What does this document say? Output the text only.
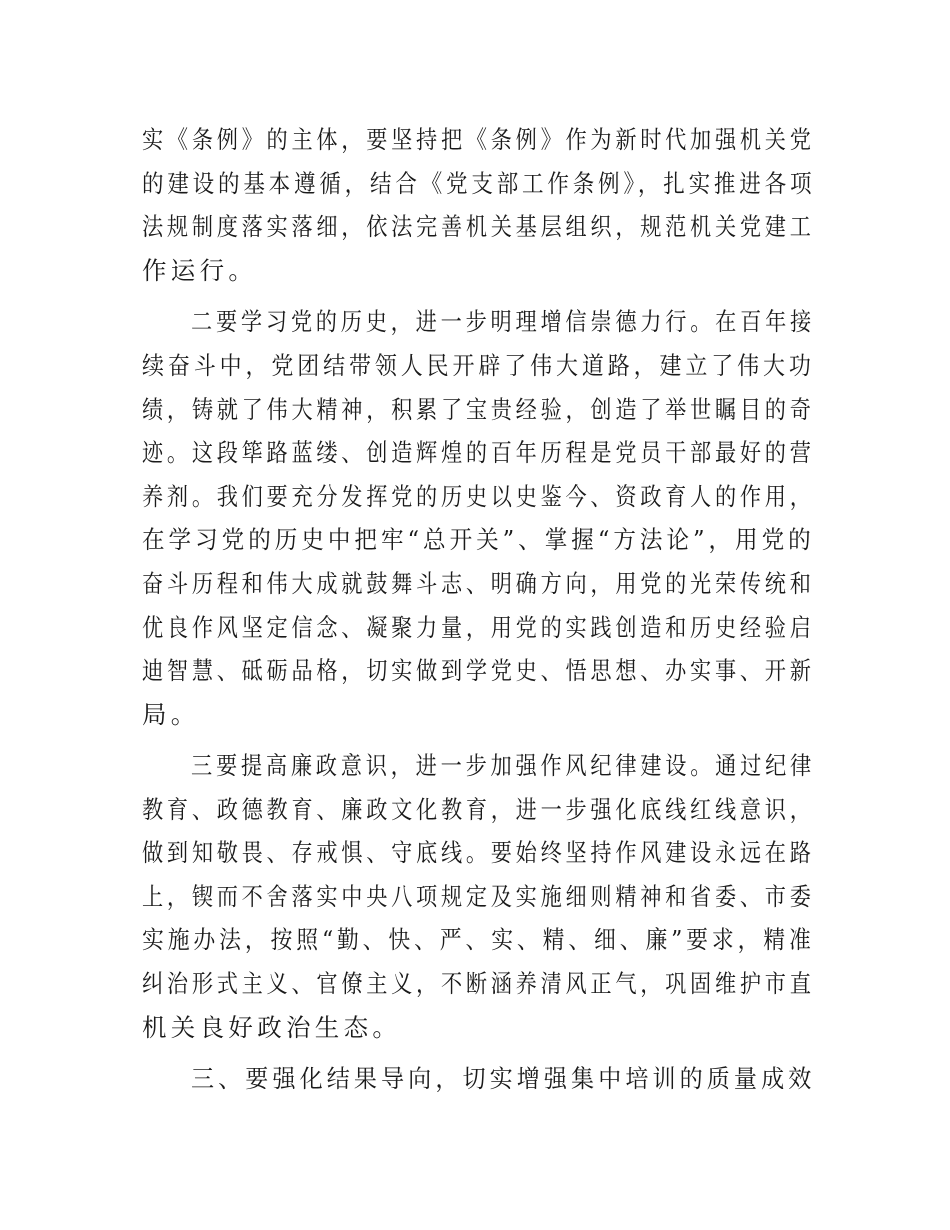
实《条例》的主体，要坚持把《条例》作为新时代加强机关党
的建设的基本遵循，结合《党支部工作条例》，扎实推进各项
法规制度落实落细，依法完善机关基层组织，规范机关党建工
作运行。
二要学习党的历史，进一步明理增信崇德力行。在百年接
续奋斗中，党团结带领人民开辟了伟大道路，建立了伟大功
绩，铸就了伟大精神，积累了宝贵经验，创造了举世瞩目的奇
迹。这段筚路蓝缕、创造辉煌的百年历程是党员干部最好的营
养剂。我们要充分发挥党的历史以史鉴今、资政育人的作用，
在学习党的历史中把牢“总开关”、掌握“方法论”，用党的
奋斗历程和伟大成就鼓舞斗志、明确方向，用党的光荣传统和
优良作风坚定信念、凝聚力量，用党的实践创造和历史经验启
迪智慧、砥砺品格，切实做到学党史、悟思想、办实事、开新
局。
三要提高廉政意识，进一步加强作风纪律建设。通过纪律
教育、政德教育、廉政文化教育，进一步强化底线红线意识，
做到知敬畏、存戒惧、守底线。要始终坚持作风建设永远在路
上，锲而不舍落实中央八项规定及实施细则精神和省委、市委
实施办法，按照“勤、快、严、实、精、细、廉”要求，精准
纠治形式主义、官僚主义，不断涵养清风正气，巩固维护市直
机关良好政治生态。
三、要强化结果导向，切实增强集中培训的质量成效
